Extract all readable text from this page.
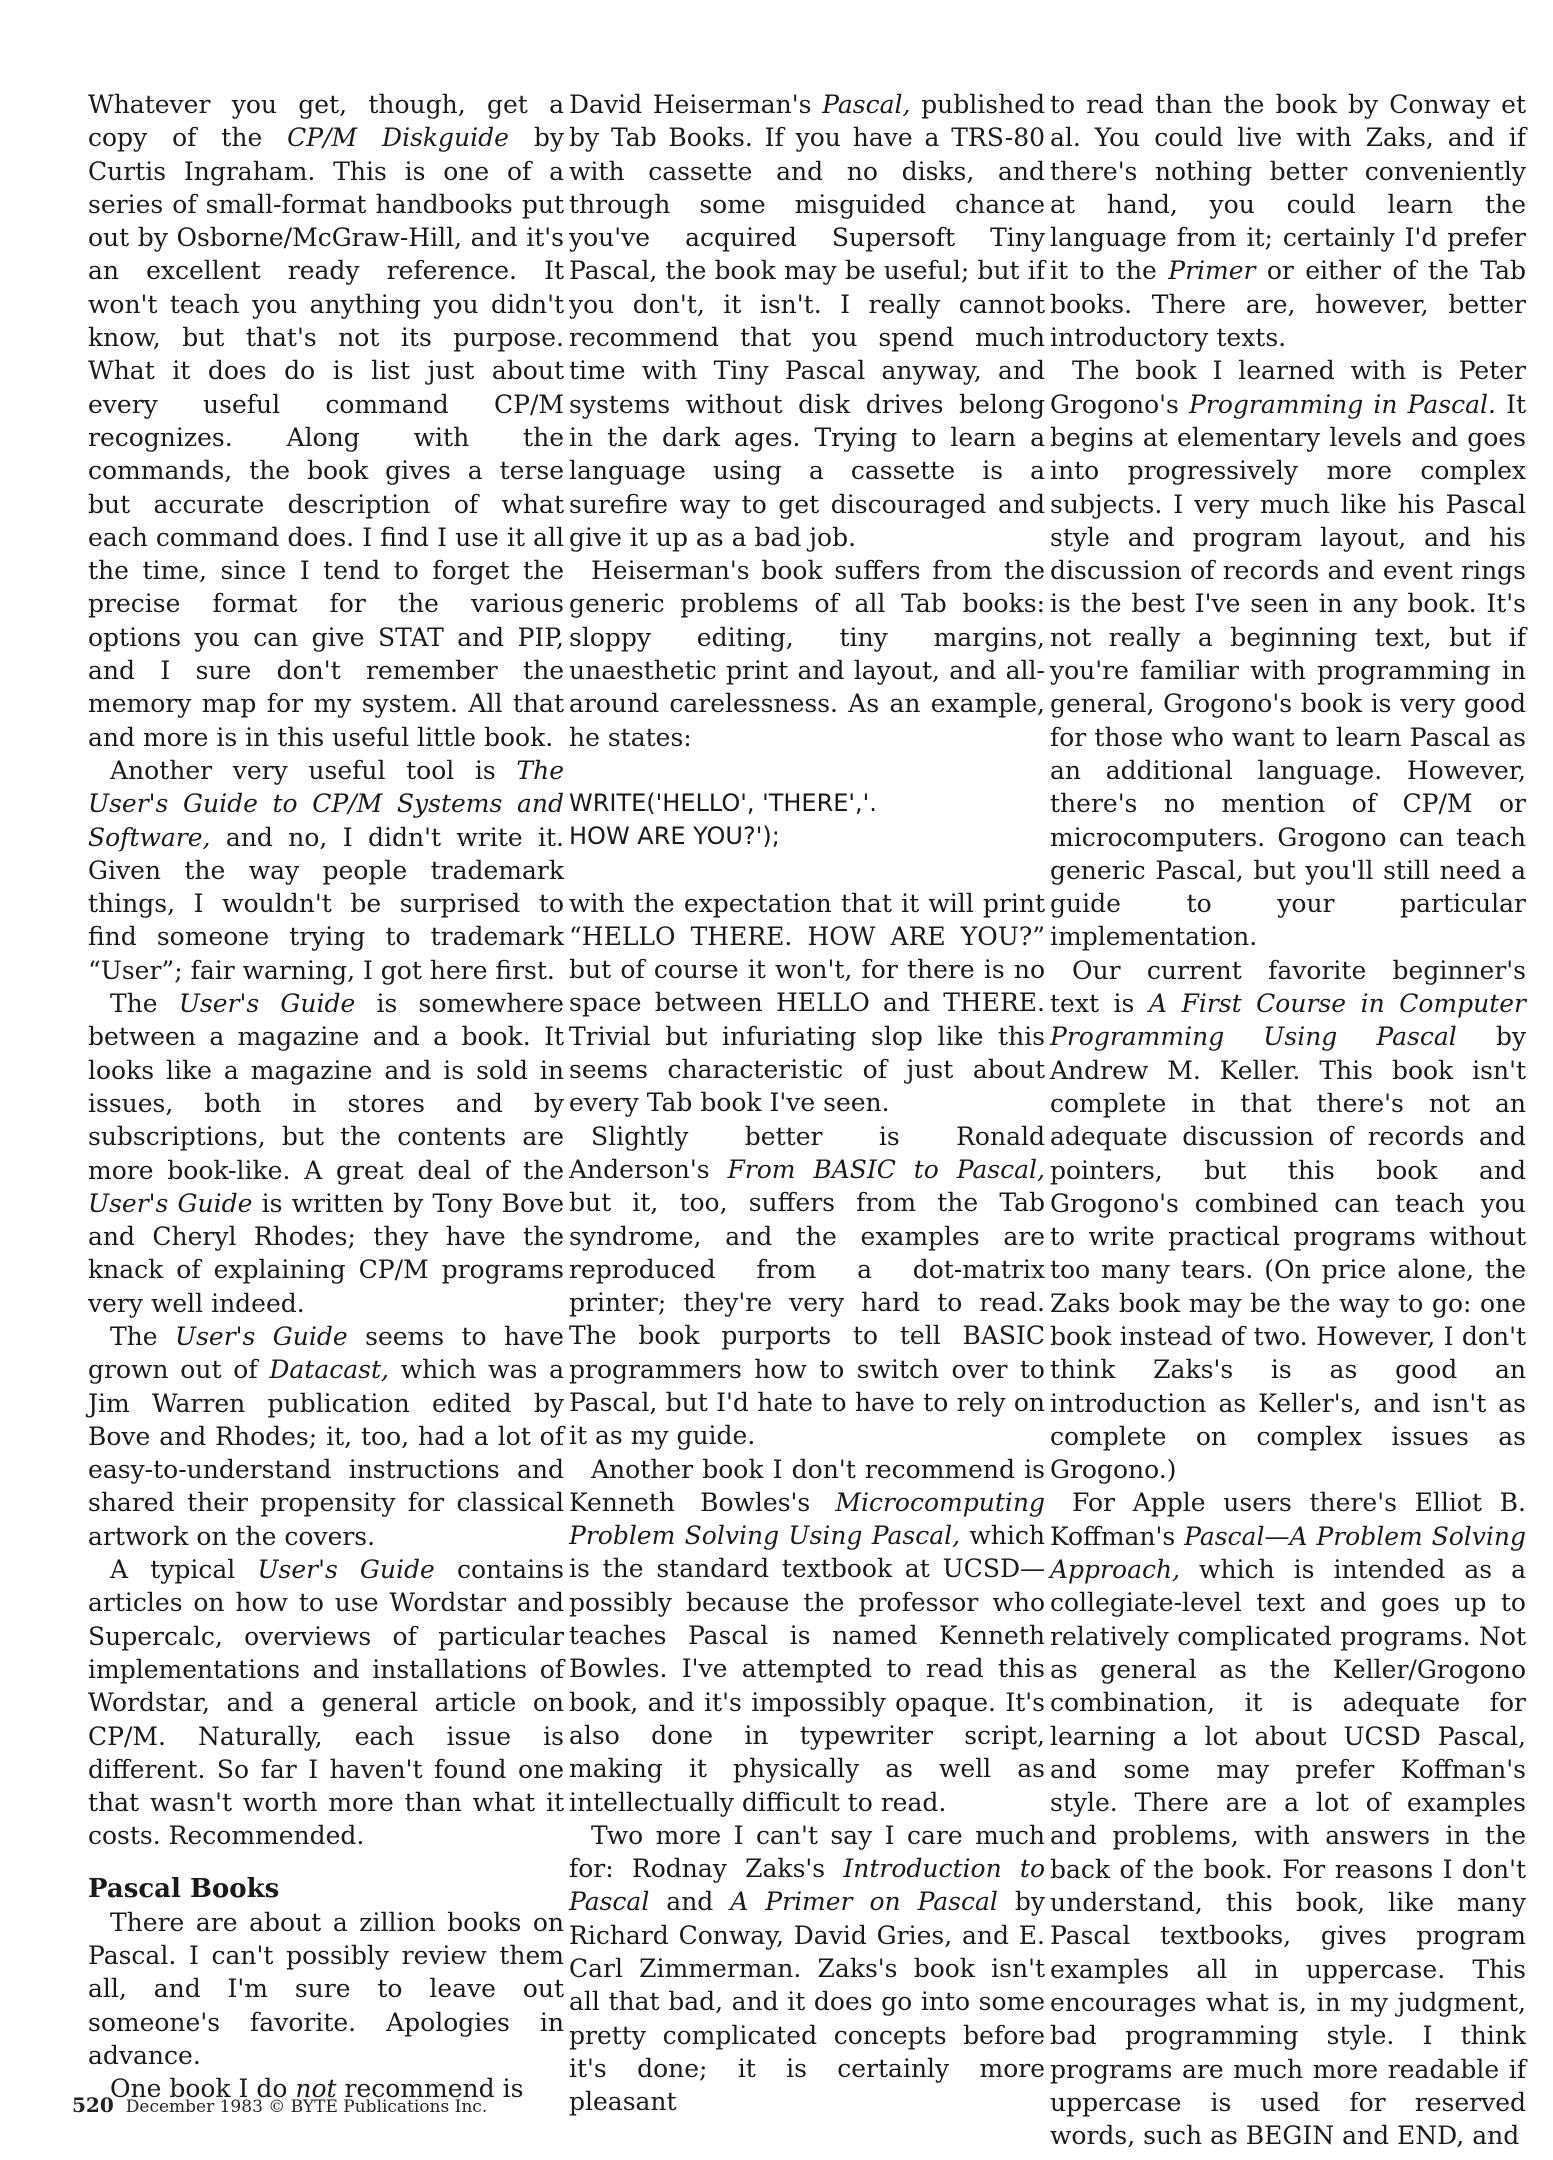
Whatever you get, though, get a copy of the CP/M Diskguide by Curtis Ingraham. This is one of a series of small-format handbooks put out by Osborne/McGraw-Hill, and it's an excellent ready reference. It won't teach you anything you didn't know, but that's not its purpose. What it does do is list just about every useful command CP/M recognizes. Along with the commands, the book gives a terse but accurate description of what each command does. I find I use it all the time, since I tend to forget the precise format for the various options you can give STAT and PIP, and I sure don't remember the memory map for my system. All that and more is in this useful little book.

Another very useful tool is The User's Guide to CP/M Systems and Software, and no, I didn't write it. Given the way people trademark things, I wouldn't be surprised to find someone trying to trademark “User”; fair warning, I got here first.

The User's Guide is somewhere between a magazine and a book. It looks like a magazine and is sold in issues, both in stores and by subscriptions, but the contents are more book-like. A great deal of the User's Guide is written by Tony Bove and Cheryl Rhodes; they have the knack of explaining CP/M programs very well indeed.

The User's Guide seems to have grown out of Datacast, which was a Jim Warren publication edited by Bove and Rhodes; it, too, had a lot of easy-to-understand instructions and shared their propensity for classical artwork on the covers.

A typical User's Guide contains articles on how to use Wordstar and Supercalc, overviews of particular implementations and installations of Wordstar, and a general article on CP/M. Naturally, each issue is different. So far I haven't found one that wasn't worth more than what it costs. Recommended.

Pascal Books

There are about a zillion books on Pascal. I can't possibly review them all, and I'm sure to leave out someone's favorite. Apologies in advance.

One book I do not recommend is

David Heiserman's Pascal, published by Tab Books. If you have a TRS-80 with cassette and no disks, and through some misguided chance you've acquired Supersoft Tiny Pascal, the book may be useful; but if you don't, it isn't. I really cannot recommend that you spend much time with Tiny Pascal anyway, and systems without disk drives belong in the dark ages. Trying to learn a language using a cassette is a surefire way to get discouraged and give it up as a bad job.

Heiserman's book suffers from the generic problems of all Tab books: sloppy editing, tiny margins, unaesthetic print and layout, and all-around carelessness. As an example, he states:

WRITE('HELLO', 'THERE','.
HOW ARE YOU?');

with the expectation that it will print “HELLO THERE. HOW ARE YOU?” but of course it won't, for there is no space between HELLO and THERE. Trivial but infuriating slop like this seems characteristic of just about every Tab book I've seen.

Slightly better is Ronald Anderson's From BASIC to Pascal, but it, too, suffers from the Tab syndrome, and the examples are reproduced from a dot-matrix printer; they're very hard to read. The book purports to tell BASIC programmers how to switch over to Pascal, but I'd hate to have to rely on it as my guide.

Another book I don't recommend is Kenneth Bowles's Microcomputing Problem Solving Using Pascal, which is the standard textbook at UCSD—possibly because the professor who teaches Pascal is named Kenneth Bowles. I've attempted to read this book, and it's impossibly opaque. It's also done in typewriter script, making it physically as well as intellectually difficult to read.

Two more I can't say I care much for: Rodnay Zaks's Introduction to Pascal and A Primer on Pascal by Richard Conway, David Gries, and E. Carl Zimmerman. Zaks's book isn't all that bad, and it does go into some pretty complicated concepts before it's done; it is certainly more pleasant

to read than the book by Conway et al. You could live with Zaks, and if there's nothing better conveniently at hand, you could learn the language from it; certainly I'd prefer it to the Primer or either of the Tab books. There are, however, better introductory texts.

The book I learned with is Peter Grogono's Programming in Pascal. It begins at elementary levels and goes into progressively more complex subjects. I very much like his Pascal style and program layout, and his discussion of records and event rings is the best I've seen in any book. It's not really a beginning text, but if you're familiar with programming in general, Grogono's book is very good for those who want to learn Pascal as an additional language. However, there's no mention of CP/M or microcomputers. Grogono can teach generic Pascal, but you'll still need a guide to your particular implementation.

Our current favorite beginner's text is A First Course in Computer Programming Using Pascal by Andrew M. Keller. This book isn't complete in that there's not an adequate discussion of records and pointers, but this book and Grogono's combined can teach you to write practical programs without too many tears. (On price alone, the Zaks book may be the way to go: one book instead of two. However, I don't think Zaks's is as good an introduction as Keller's, and isn't as complete on complex issues as Grogono.)

For Apple users there's Elliot B. Koffman's Pascal—A Problem Solving Approach, which is intended as a collegiate-level text and goes up to relatively complicated programs. Not as general as the Keller/Grogono combination, it is adequate for learning a lot about UCSD Pascal, and some may prefer Koffman's style. There are a lot of examples and problems, with answers in the back of the book. For reasons I don't understand, this book, like many Pascal textbooks, gives program examples all in uppercase. This encourages what is, in my judgment, bad programming style. I think programs are much more readable if uppercase is used for reserved words, such as BEGIN and END, and

520 December 1983 © BYTE Publications Inc.
